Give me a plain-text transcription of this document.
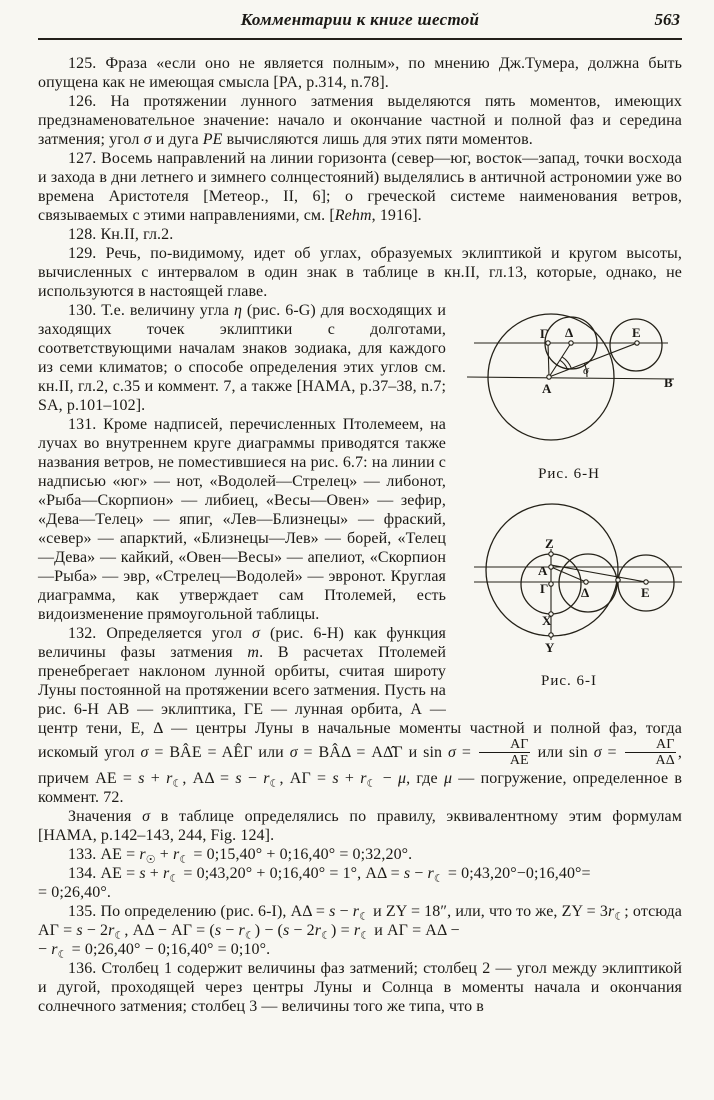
Комментарии к книге шестой	563

125. Фраза «если оно не является полным», по мнению Дж.Тумера, должна быть опущена как не имеющая смысла [PA, p.314, n.78].

126. На протяжении лунного затмения выделяются пять моментов, имеющих предзнаменовательное значение: начало и окончание частной и полной фаз и середина затмения; угол σ и дуга PE вычисляются лишь для этих пяти моментов.

127. Восемь направлений на линии горизонта (север—юг, восток—запад, точки восхода и захода в дни летнего и зимнего солнцестояний) выделялись в античной астрономии уже во времена Аристотеля [Метеор., II, 6]; о греческой системе наименования ветров, связываемых с этими направлениями, см. [Rehm, 1916].

128. Кн.II, гл.2.

129. Речь, по-видимому, идет об углах, образуемых эклиптикой и кругом высоты, вычисленных с интервалом в один знак в таблице в кн.II, гл.13, которые, однако, не используются в настоящей главе.

Г Δ	E
A	B
σ
Рис. 6-H
Z
A
Г
X
Y
Δ	E
Рис. 6-I

130. Т.е. величину угла η (рис. 6-G) для восходящих и заходящих точек эклиптики с долготами, соответствующими началам знаков зодиака, для каждого из семи климатов; о способе определения этих углов см. кн.II, гл.2, с.35 и коммент. 7, а также [HAMA, p.37–38, n.7; SA, p.101–102].

131. Кроме надписей, перечисленных Птолемеем, на лучах во внутреннем круге диаграммы приводятся также названия ветров, не поместившиеся на рис. 6.7: на линии с надписью «юг» — нот, «Водолей—Стрелец» — либонот, «Рыба—Скорпион» — либиец, «Весы—Овен» — зефир, «Дева—Телец» — япиг, «Лев—Близнецы» — фраский, «север» — апарктий, «Близнецы—Лев» — борей, «Телец—Дева» — кайкий, «Овен—Весы» — апелиот, «Скорпион—Рыба» — эвр, «Стрелец—Водолей» — эвронот. Круглая диаграмма, как утверждает сам Птолемей, есть видоизменение прямоугольной таблицы.

132. Определяется угол σ (рис. 6-H) как функция величины фазы затмения m. В расчетах Птолемей пренебрегает наклоном лунной орбиты, считая широту Луны постоянной на протяжении всего затмения. Пусть на рис. 6-H АВ — эклиптика, ГЕ — лунная орбита, А — центр тени, Е, Δ — центры Луны в начальные моменты частной и полной фаз, тогда искомый угол σ = BÂE = AÊГ или σ = BÂΔ = AΔ̂Г и $\sin \sigma = \frac{АГ}{АЕ}$ или $\sin \sigma = \frac{АГ}{А\Delta}$ , причем АЕ = $s + r_☾$, $А\Delta = s - r_☾$, АГ = $s + r_☾ - \mu$, где μ — погружение, определенное в коммент. 72.

Значения σ в таблице определялись по правилу, эквивалентному этим формулам [HAMA, p.142–143, 244, Fig. 124].

133. АЕ = $r_☉ + r_☾$ = 0;15,40° + 0;16,40° = 0;32,20°.

134. АЕ = $s + r_☾$ = 0;43,20° + 0;16,40° = 1°, $А\Delta = s - r_☾$ = 0;43,20°−0;16,40°=
= 0;26,40°.

135. По определению (рис. 6-I), $А\Delta = s - r_☾$ и ZY = 18″, или, что то же, ZY = $3r_☾$; отсюда АГ = $s - 2r_☾$, АΔ − АГ = $(s - r_☾) - (s - 2r_☾) = r_☾$ и АГ = АΔ −
− $r_☾$ = 0;26,40° − 0;16,40° = 0;10°.

136. Столбец 1 содержит величины фаз затмений; столбец 2 — угол между эклиптикой и дугой, проходящей через центры Луны и Солнца в моменты начала и окончания солнечного затмения; столбец 3 — величины того же типа, что в
